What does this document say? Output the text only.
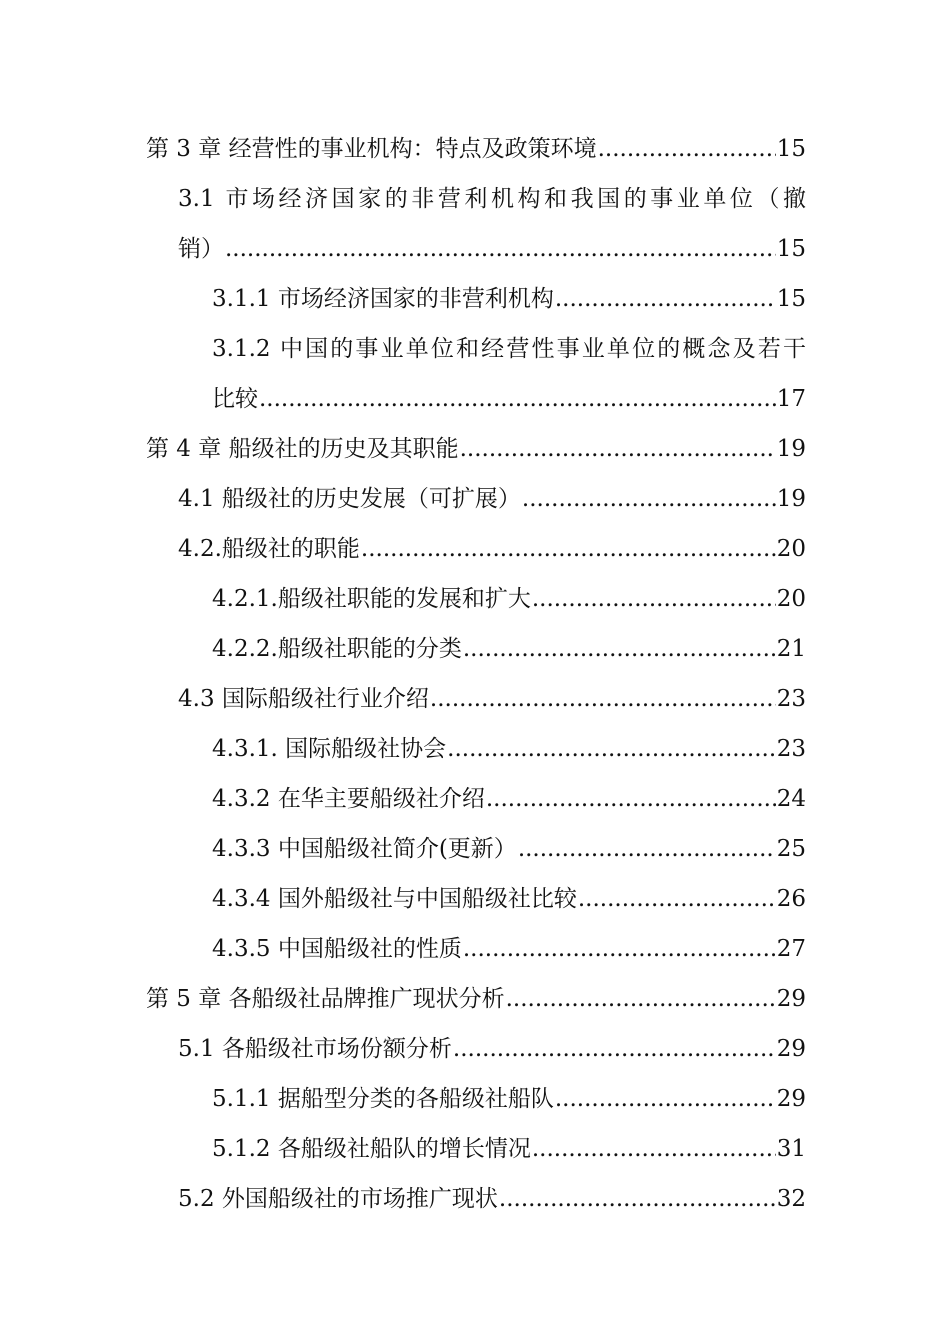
第 3 章 经营性的事业机构：特点及政策环境 .....	15
3.1 市场经济国家的非营利机构和我国的事业单位（撤
销） .....	15
3.1.1 市场经济国家的非营利机构 .....	15
3.1.2 中国的事业单位和经营性事业单位的概念及若干
比较 .....	17
第 4 章 船级社的历史及其职能 .....	19
4.1 船级社的历史发展（可扩展） .....	19
4.2.船级社的职能 .....	20
4.2.1.船级社职能的发展和扩大 .....	20
4.2.2.船级社职能的分类 .....	21
4.3 国际船级社行业介绍 .....	23
4.3.1. 国际船级社协会 .....	23
4.3.2 在华主要船级社介绍 .....	24
4.3.3 中国船级社简介(更新） .....	25
4.3.4 国外船级社与中国船级社比较 .....	26
4.3.5 中国船级社的性质 .....	27
第 5 章 各船级社品牌推广现状分析 .....	29
5.1 各船级社市场份额分析 .....	29
5.1.1 据船型分类的各船级社船队 .....	29
5.1.2 各船级社船队的增长情况 .....	31
5.2 外国船级社的市场推广现状 .....	32
